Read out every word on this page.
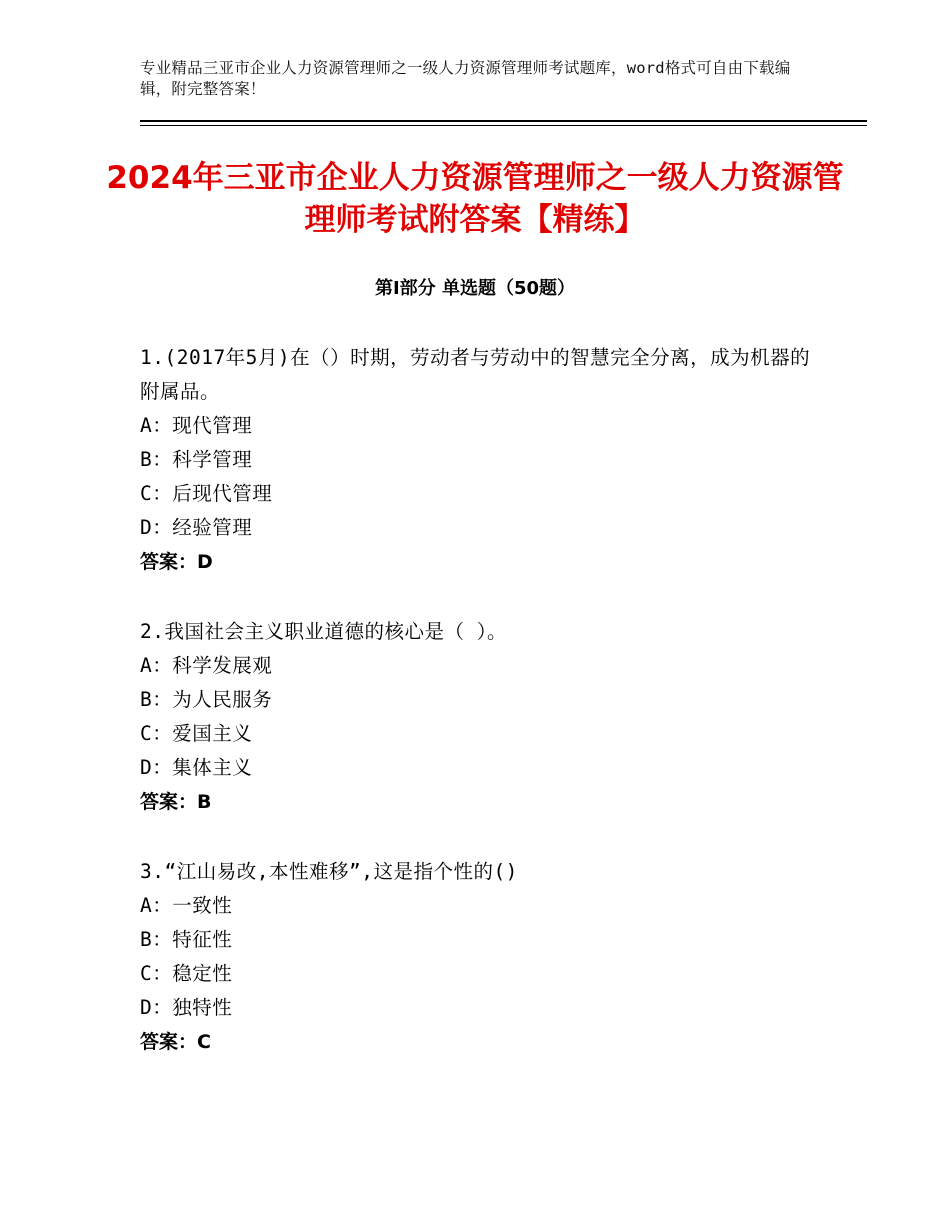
专业精品三亚市企业人力资源管理师之一级人力资源管理师考试题库，word格式可自由下载编辑，附完整答案！
2024年三亚市企业人力资源管理师之一级人力资源管理师考试附答案【精练】
第Ⅰ部分 单选题（50题）
1.(2017年5月)在（）时期，劳动者与劳动中的智慧完全分离，成为机器的附属品。
A：现代管理
B：科学管理
C：后现代管理
D：经验管理
答案：D
2.我国社会主义职业道德的核心是（ ）。
A：科学发展观
B：为人民服务
C：爱国主义
D：集体主义
答案：B
3.“江山易改,本性难移”,这是指个性的()
A：一致性
B：特征性
C：稳定性
D：独特性
答案：C
